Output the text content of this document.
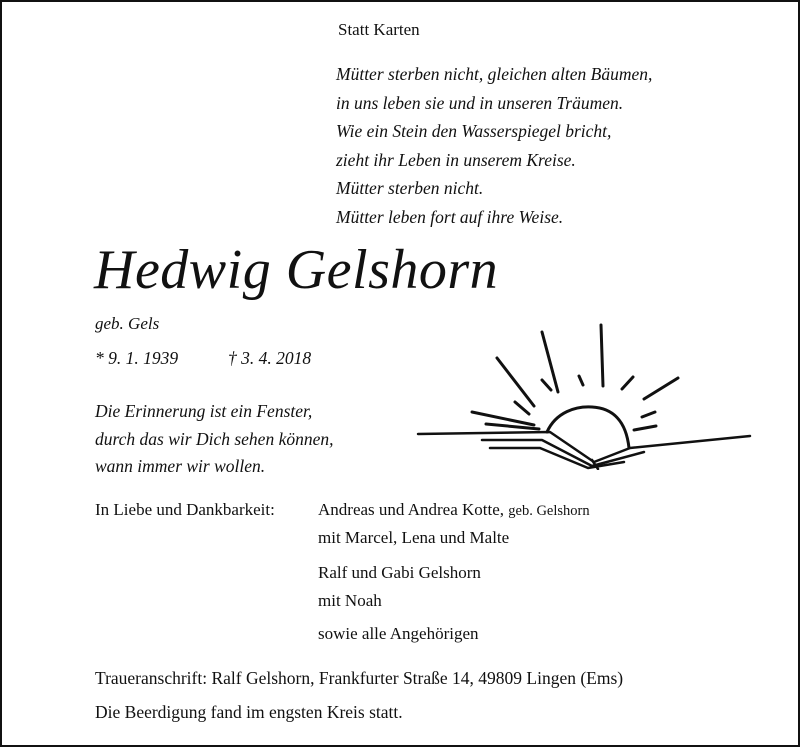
Statt Karten
Mütter sterben nicht, gleichen alten Bäumen,
in uns leben sie und in unseren Träumen.
Wie ein Stein den Wasserspiegel bricht,
zieht ihr Leben in unserem Kreise.
Mütter sterben nicht.
Mütter leben fort auf ihre Weise.
Hedwig Gelshorn
geb. Gels
* 9. 1. 1939	† 3. 4. 2018
Die Erinnerung ist ein Fenster,
durch das wir Dich sehen können,
wann immer wir wollen.
In Liebe und Dankbarkeit:	Andreas und Andrea Kotte, geb. Gelshorn
mit Marcel, Lena und Malte
Ralf und Gabi Gelshorn
mit Noah
sowie alle Angehörigen
Traueranschrift: Ralf Gelshorn, Frankfurter Straße 14, 49809 Lingen (Ems)
Die Beerdigung fand im engsten Kreis statt.
